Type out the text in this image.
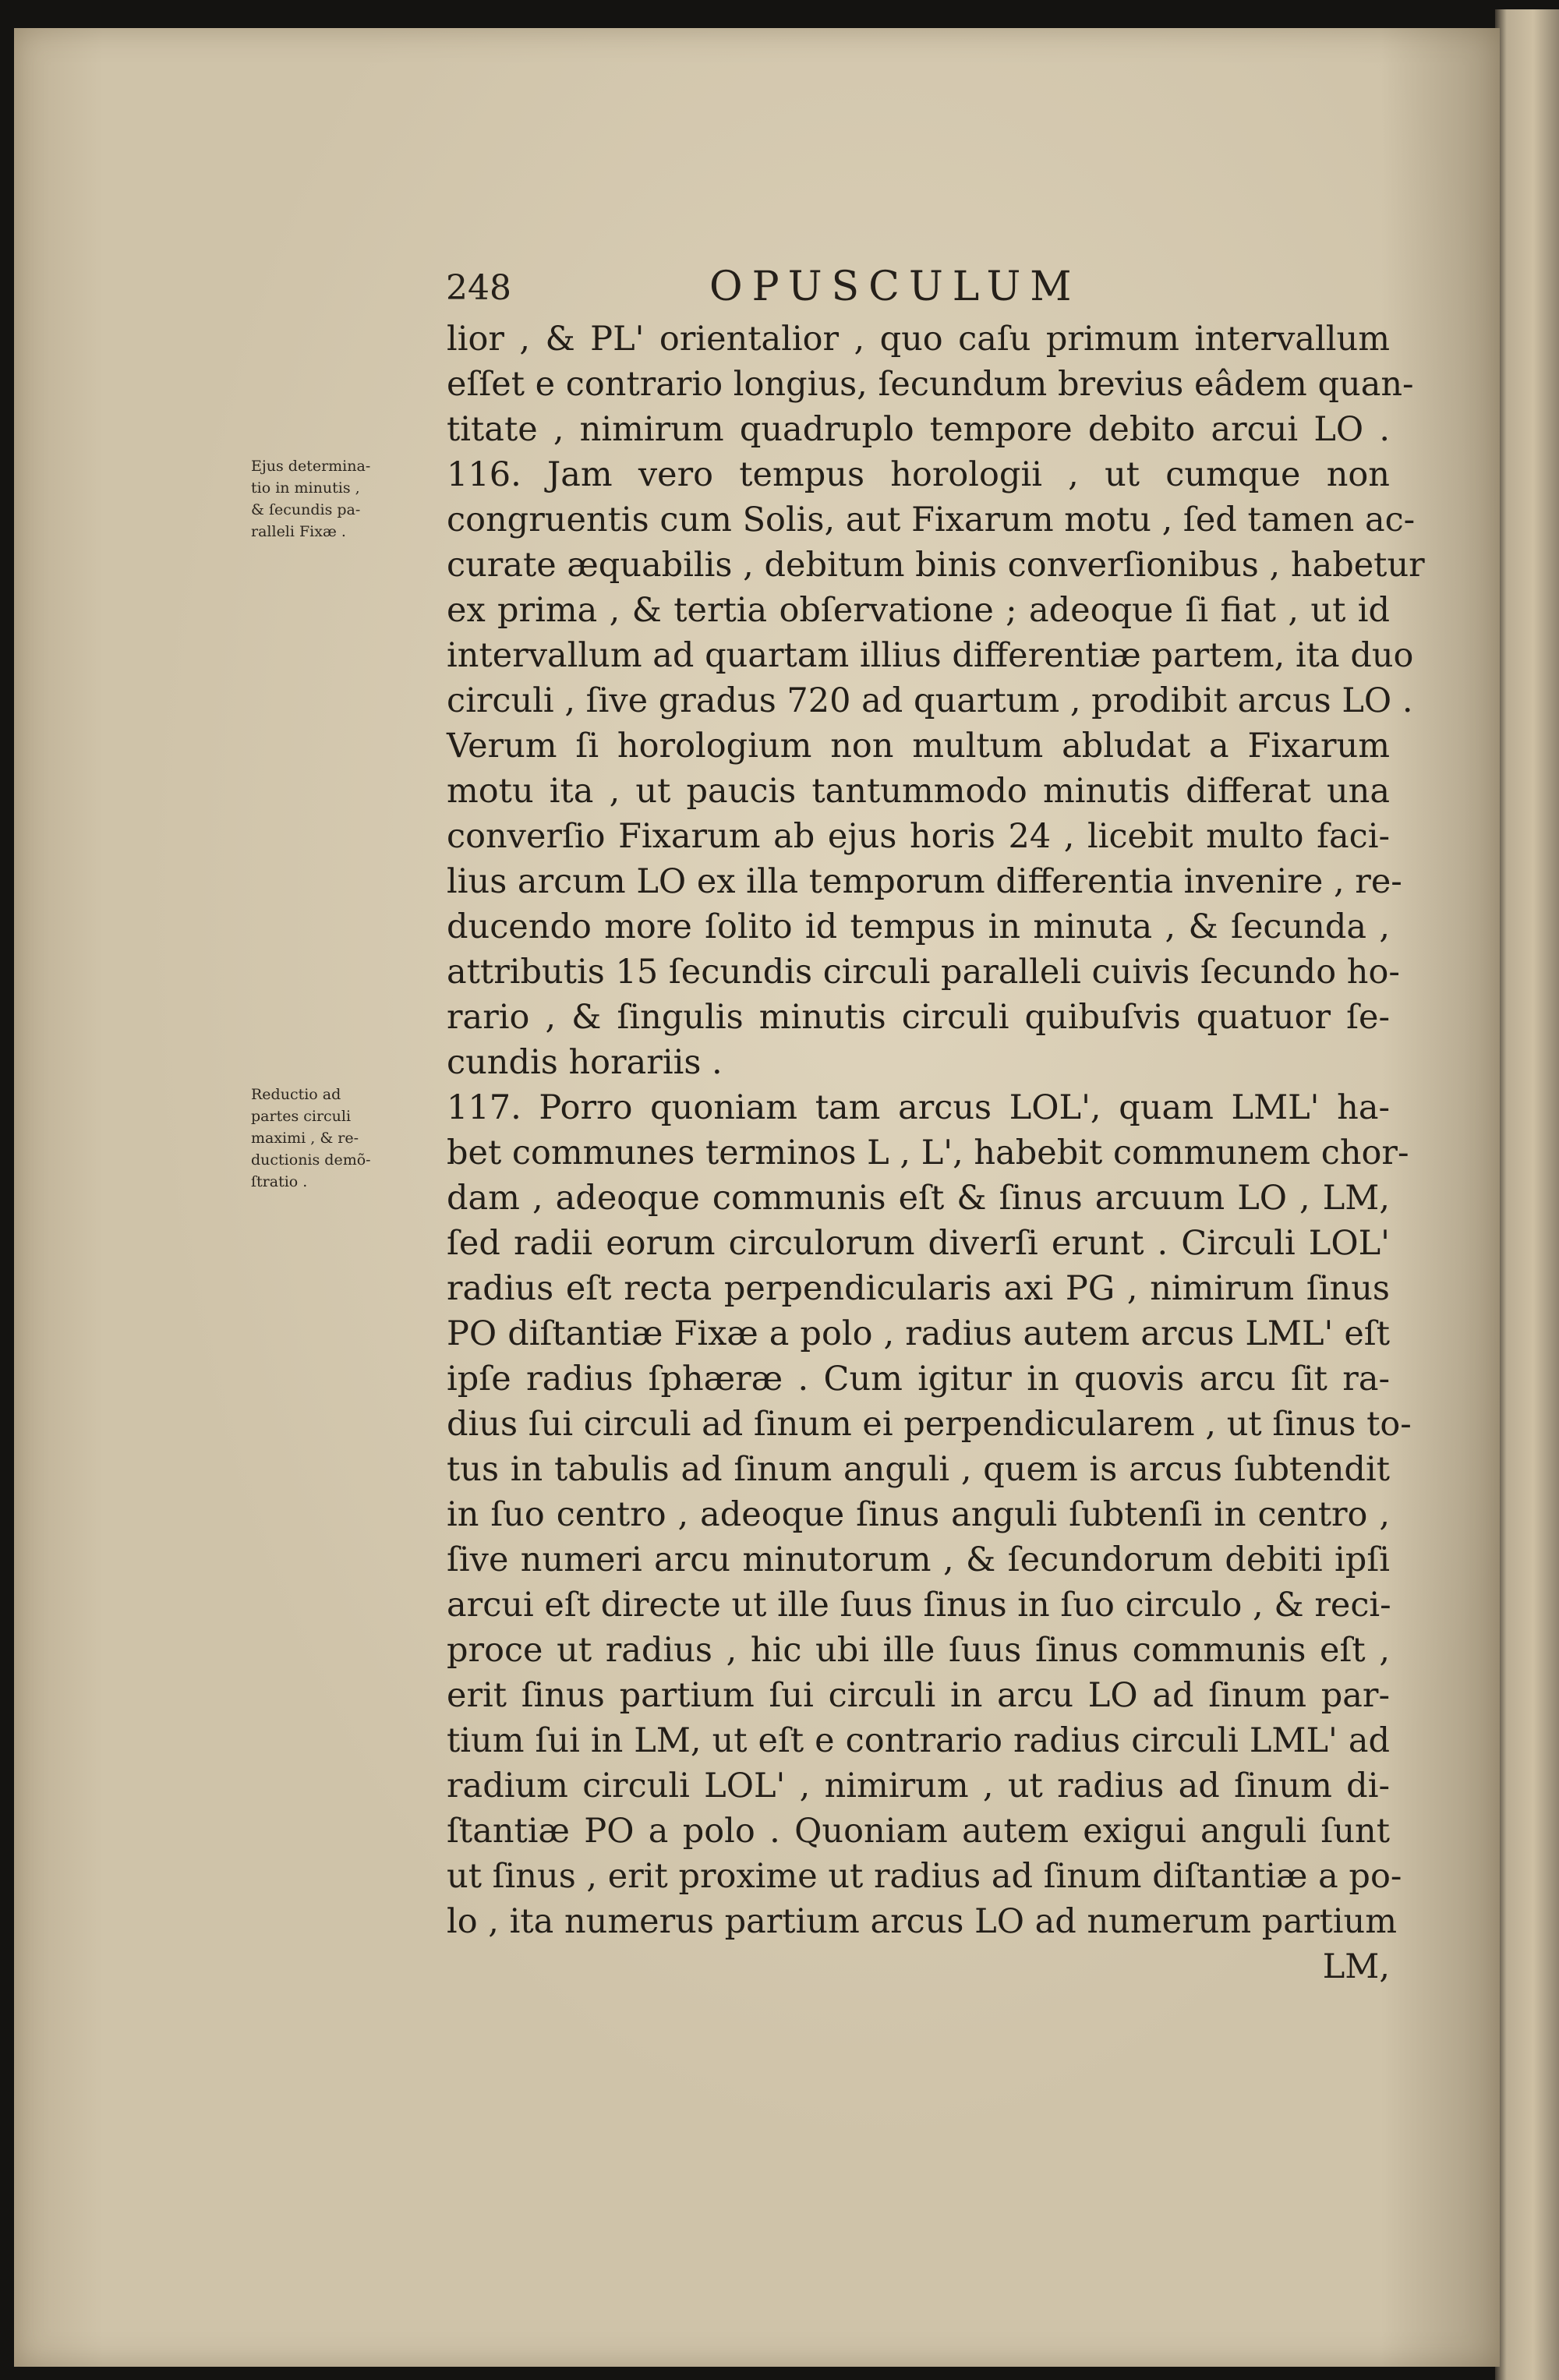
248	OPUSCULUM
Ejus determina-
tio in minutis ,
& ſecundis pa-
ralleli Fixæ .
Reductio ad
partes circuli
maximi , & re-
ductionis demõ-
ſtratio .
lior , & PL' orientalior , quo caſu primum intervallum
eſſet e contrario longius, ſecundum brevius eâdem quan-
titate , nimirum quadruplo tempore debito arcui LO .
116. Jam vero tempus horologii , ut cumque non
congruentis cum Solis, aut Fixarum motu , ſed tamen ac-
curate æquabilis , debitum binis converſionibus , habetur
ex prima , & tertia obſervatione ; adeoque ſi fiat , ut id
intervallum ad quartam illius differentiæ partem, ita duo
circuli , ſive gradus 720 ad quartum , prodibit arcus LO .
Verum ſi horologium non multum abludat a Fixarum
motu ita , ut paucis tantummodo minutis differat una
converſio Fixarum ab ejus horis 24 , licebit multo faci-
lius arcum LO ex illa temporum differentia invenire , re-
ducendo more ſolito id tempus in minuta , & ſecunda ,
attributis 15 ſecundis circuli paralleli cuivis ſecundo ho-
rario , & ſingulis minutis circuli quibuſvis quatuor ſe-
cundis horariis .
117. Porro quoniam tam arcus LOL', quam LML' ha-
bet communes terminos L , L', habebit communem chor-
dam , adeoque communis eſt & ſinus arcuum LO , LM,
ſed radii eorum circulorum diverſi erunt . Circuli LOL'
radius eſt recta perpendicularis axi PG , nimirum ſinus
PO diſtantiæ Fixæ a polo , radius autem arcus LML' eſt
ipſe radius ſphæræ . Cum igitur in quovis arcu ſit ra-
dius ſui circuli ad ſinum ei perpendicularem , ut ſinus to-
tus in tabulis ad ſinum anguli , quem is arcus ſubtendit
in ſuo centro , adeoque ſinus anguli ſubtenſi in centro ,
ſive numeri arcu minutorum , & ſecundorum debiti ipſi
arcui eſt directe ut ille ſuus ſinus in ſuo circulo , & reci-
proce ut radius , hic ubi ille ſuus ſinus communis eſt ,
erit ſinus partium ſui circuli in arcu LO ad ſinum par-
tium ſui in LM, ut eſt e contrario radius circuli LML' ad
radium circuli LOL' , nimirum , ut radius ad ſinum di-
ſtantiæ PO a polo . Quoniam autem exigui anguli ſunt
ut ſinus , erit proxime ut radius ad ſinum diſtantiæ a po-
lo , ita numerus partium arcus LO ad numerum partium
LM,
